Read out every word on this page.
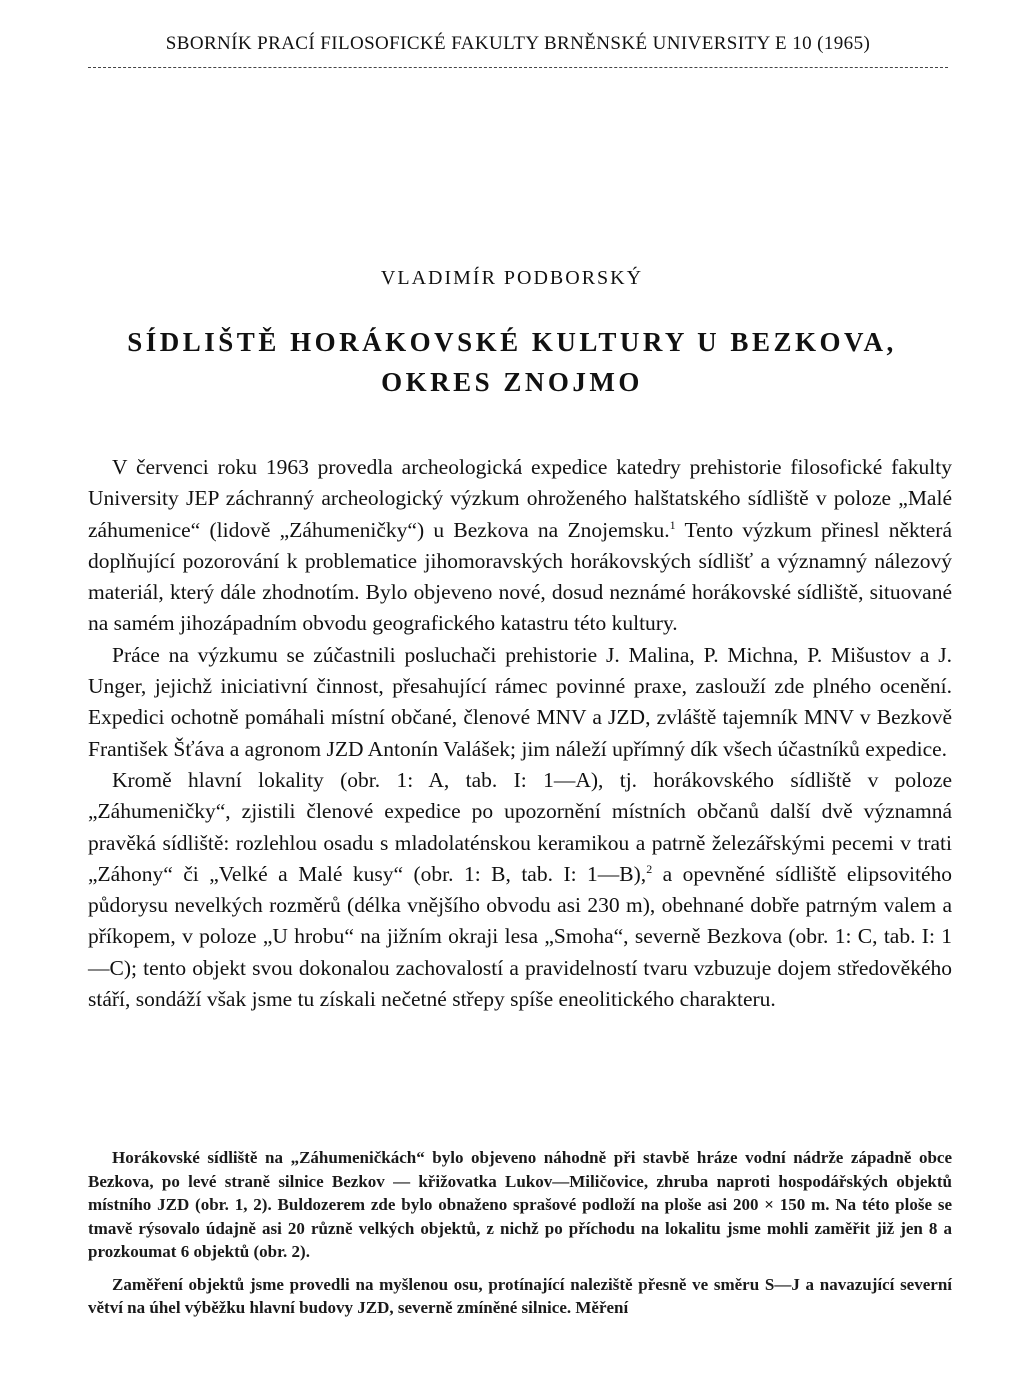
SBORNÍK PRACÍ FILOSOFICKÉ FAKULTY BRNĚNSKÉ UNIVERSITY E 10 (1965)
VLADIMÍR PODBORSKÝ
SÍDLIŠTĚ HORÁKOVSKÉ KULTURY U BEZKOVA,
OKRES ZNOJMO

V červenci roku 1963 provedla archeologická expedice katedry prehistorie filosofické fakulty University JEP záchranný archeologický výzkum ohroženého halštatského sídliště v poloze „Malé záhumenice“ (lidově „Záhumeničky“) u Bezkova na Znojemsku.$^1$ Tento výzkum přinesl některá doplňující pozorování k problematice jihomoravských horákovských sídlišť a významný nálezový materiál, který dále zhodnotím. Bylo objeveno nové, dosud neznámé horákovské sídliště, situované na samém jihozápadním obvodu geografického katastru této kultury.

Práce na výzkumu se zúčastnili posluchači prehistorie J. Malina, P. Michna, P. Mišustov a J. Unger, jejichž iniciativní činnost, přesahující rámec povinné praxe, zaslouží zde plného ocenění. Expedici ochotně pomáhali místní občané, členové MNV a JZD, zvláště tajemník MNV v Bezkově František Šťáva a agronom JZD Antonín Valášek; jim náleží upřímný dík všech účastníků expedice.

Kromě hlavní lokality (obr. 1: A, tab. I: 1—A), tj. horákovského sídliště v poloze „Záhumeničky“, zjistili členové expedice po upozornění místních občanů další dvě významná pravěká sídliště: rozlehlou osadu s mladolaténskou keramikou a patrně železářskými pecemi v trati „Záhony“ či „Velké a Malé kusy“ (obr. 1: B, tab. I: 1—B),$^2$ a opevněné sídliště elipsovitého půdorysu nevelkých rozměrů (délka vnějšího obvodu asi 230 m), obehnané dobře patrným valem a příkopem, v poloze „U hrobu“ na jižním okraji lesa „Smoha“, severně Bezkova (obr. 1: C, tab. I: 1—C); tento objekt svou dokonalou zachovalostí a pravidelností tvaru vzbuzuje dojem středověkého stáří, sondáží však jsme tu získali nečetné střepy spíše eneolitického charakteru.

Horákovské sídliště na „Záhumeničkách“ bylo objeveno náhodně při stavbě hráze vodní nádrže západně obce Bezkova, po levé straně silnice Bezkov — křižovatka Lukov—Miličovice, zhruba naproti hospodářských objektů místního JZD (obr. 1, 2). Buldozerem zde bylo obnaženo sprašové podloží na ploše asi 200 × 150 m. Na této ploše se tmavě rýsovalo údajně asi 20 různě velkých objektů, z nichž po příchodu na lokalitu jsme mohli zaměřit již jen 8 a prozkoumat 6 objektů (obr. 2).

Zaměření objektů jsme provedli na myšlenou osu, protínající naleziště přesně ve směru S—J a navazující severní větví na úhel výběžku hlavní budovy JZD, severně zmíněné silnice. Měření
